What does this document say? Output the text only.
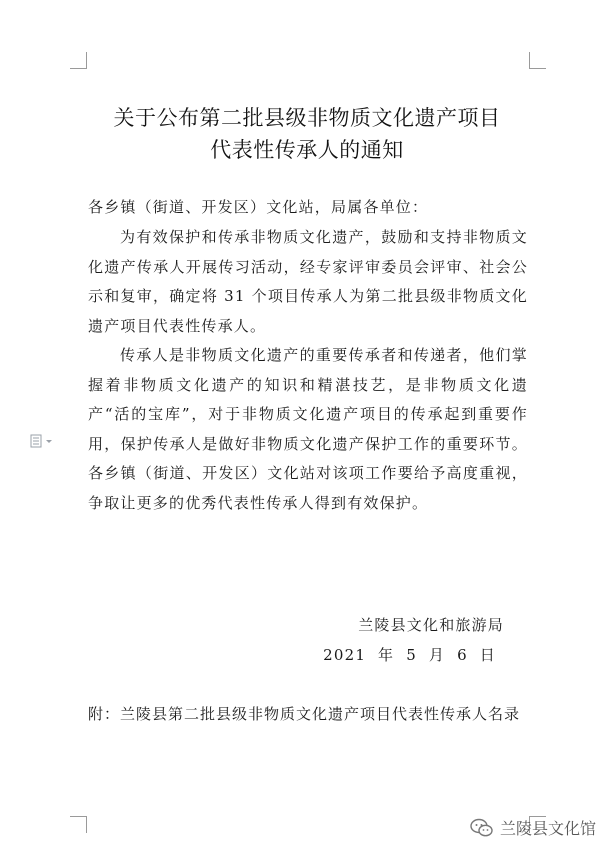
关于公布第二批县级非物质文化遗产项目
代表性传承人的通知

各乡镇（街道、开发区）文化站，局属各单位：

为有效保护和传承非物质文化遗产，鼓励和支持非物质文化遗产传承人开展传习活动，经专家评审委员会评审、社会公示和复审，确定将 31 个项目传承人为第二批县级非物质文化遗产项目代表性传承人。

传承人是非物质文化遗产的重要传承者和传递者，他们掌握着非物质文化遗产的知识和精湛技艺，是非物质文化遗产“活的宝库”，对于非物质文化遗产项目的传承起到重要作用，保护传承人是做好非物质文化遗产保护工作的重要环节。各乡镇（街道、开发区）文化站对该项工作要给予高度重视，争取让更多的优秀代表性传承人得到有效保护。

兰陵县文化和旅游局

2021 年 5 月 6 日

附：兰陵县第二批县级非物质文化遗产项目代表性传承人名录

兰陵县文化馆
